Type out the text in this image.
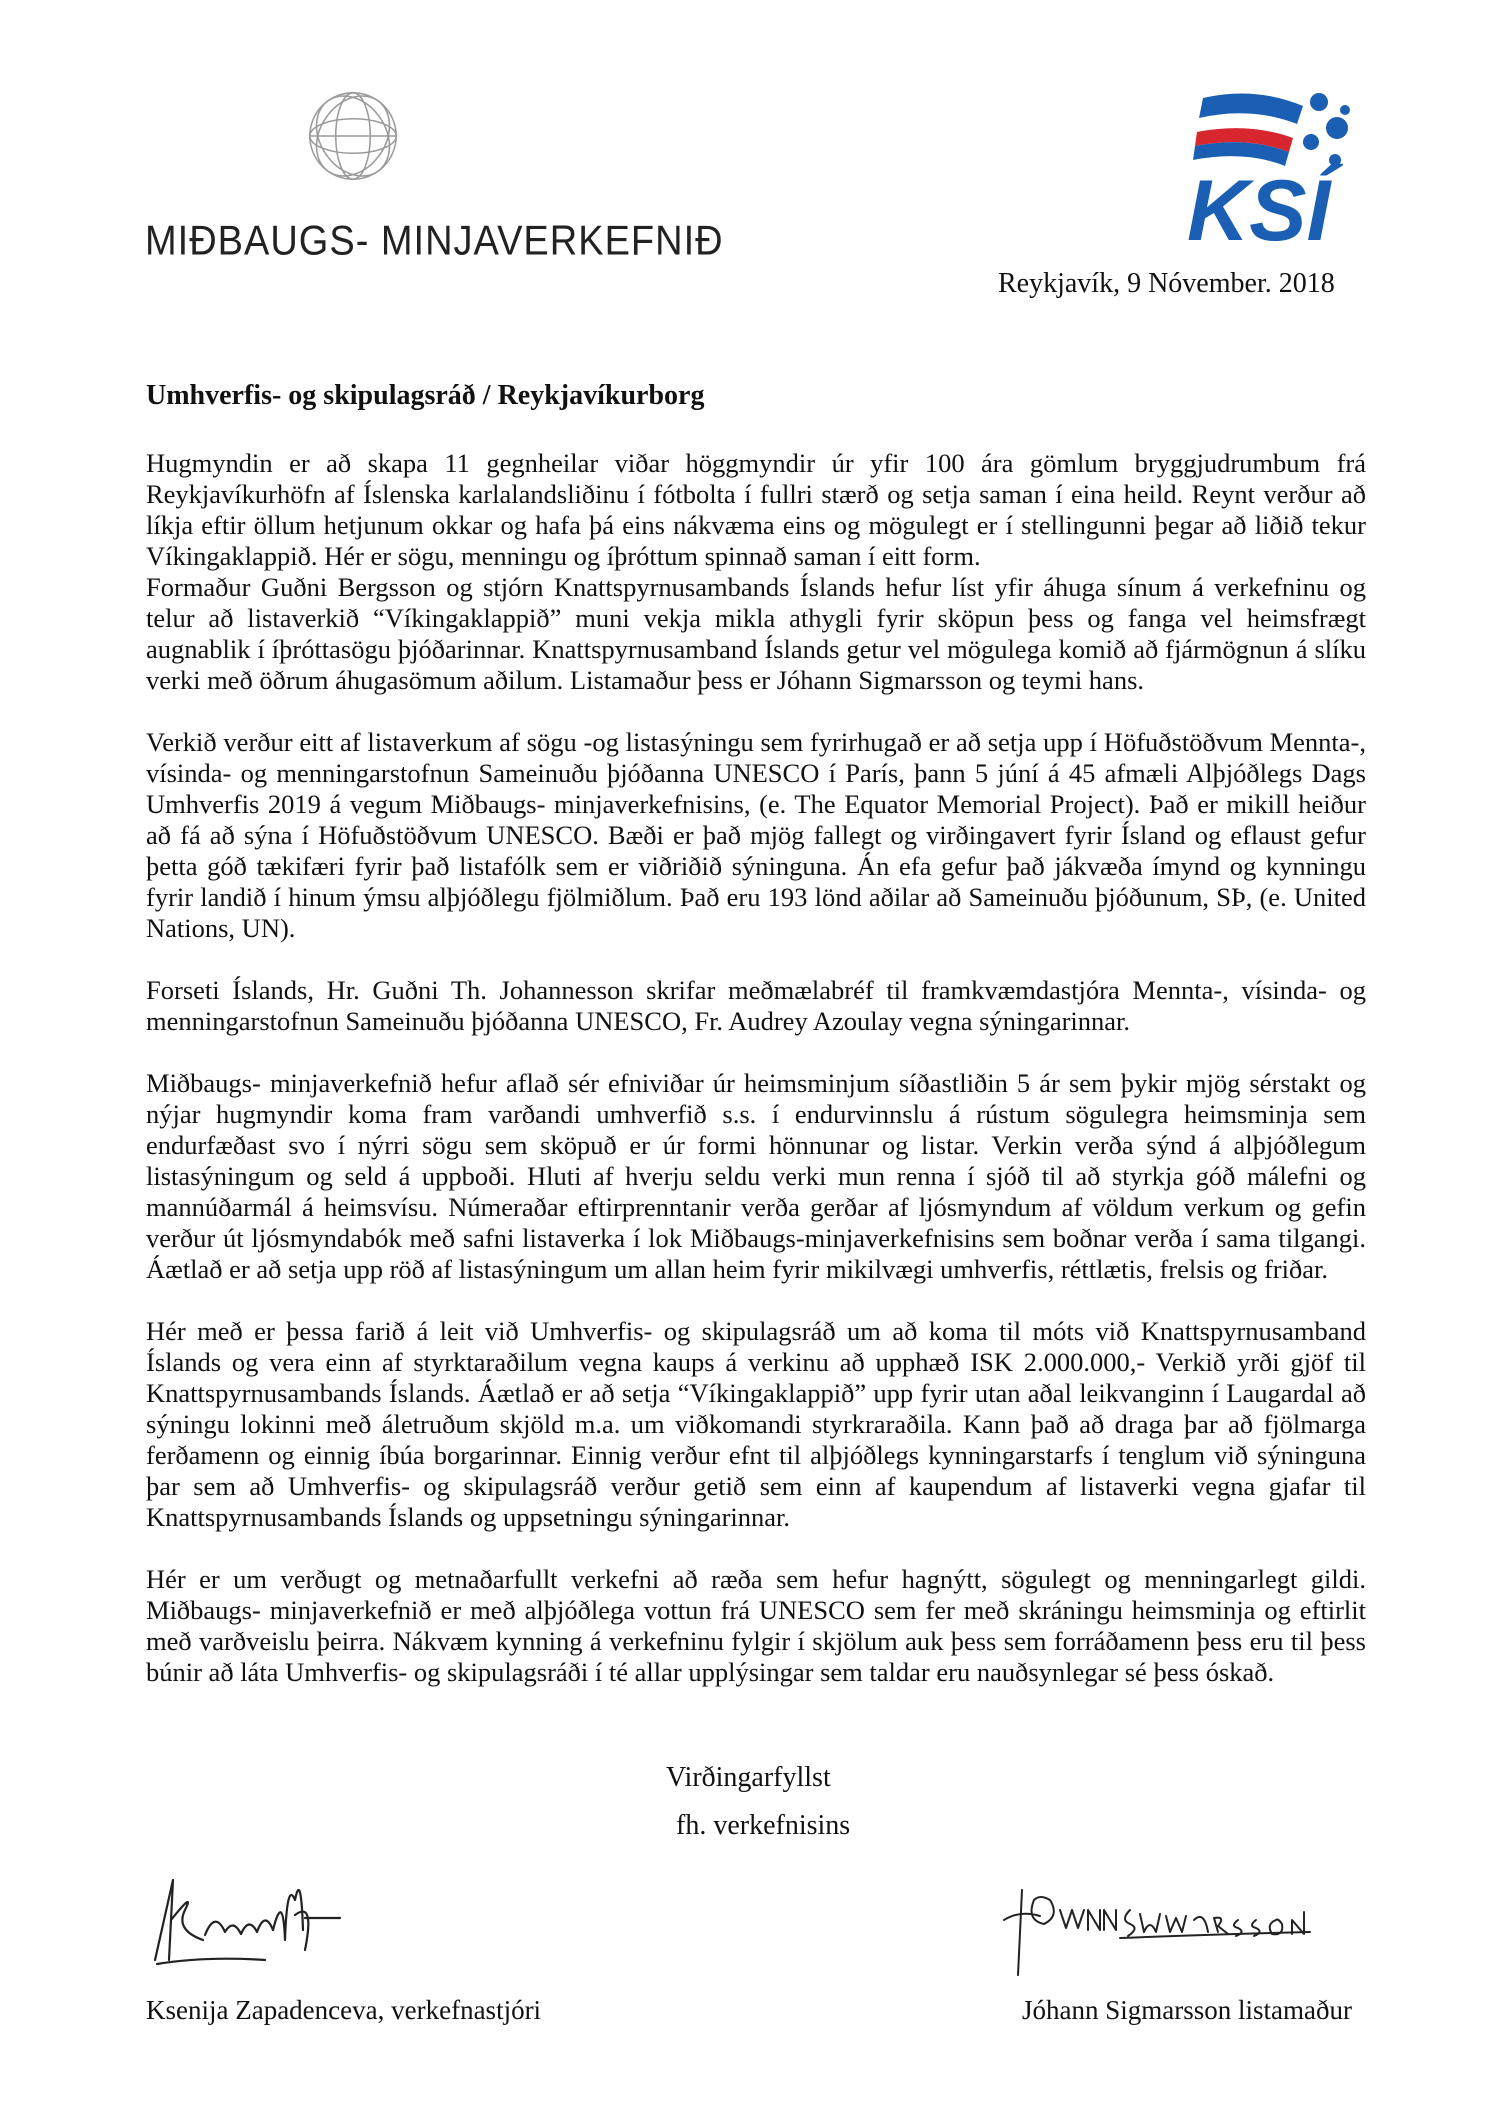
MIÐBAUGS- MINJAVERKEFNIÐ	KSÍ
Reykjavík, 9 Nóvember. 2018
Umhverfis- og skipulagsráð / Reykjavíkurborg

Hugmyndin er að skapa 11 gegnheilar viðar höggmyndir úr yfir 100 ára gömlum bryggjudrumbum frá Reykjavíkurhöfn af Íslenska karlalandsliðinu í fótbolta í fullri stærð og setja saman í eina heild. Reynt verður að líkja eftir öllum hetjunum okkar og hafa þá eins nákvæma eins og mögulegt er í stellingunni þegar að liðið tekur Víkingaklappið. Hér er sögu, menningu og íþróttum spinnað saman í eitt form.

Formaður Guðni Bergsson og stjórn Knattspyrnusambands Íslands hefur líst yfir áhuga sínum á verkefninu og telur að listaverkið “Víkingaklappið” muni vekja mikla athygli fyrir sköpun þess og fanga vel heimsfrægt augnablik í íþróttasögu þjóðarinnar. Knattspyrnusamband Íslands getur vel mögulega komið að fjármögnun á slíku verki með öðrum áhugasömum aðilum. Listamaður þess er Jóhann Sigmarsson og teymi hans.

Verkið verður eitt af listaverkum af sögu -og listasýningu sem fyrirhugað er að setja upp í Höfuðstöðvum Mennta-, vísinda- og menningarstofnun Sameinuðu þjóðanna UNESCO í París, þann 5 júní á 45 afmæli Alþjóðlegs Dags Umhverfis 2019 á vegum Miðbaugs- minjaverkefnisins, (e. The Equator Memorial Project). Það er mikill heiður að fá að sýna í Höfuðstöðvum UNESCO. Bæði er það mjög fallegt og virðingavert fyrir Ísland og eflaust gefur þetta góð tækifæri fyrir það listafólk sem er viðriðið sýninguna. Án efa gefur það jákvæða ímynd og kynningu fyrir landið í hinum ýmsu alþjóðlegu fjölmiðlum. Það eru 193 lönd aðilar að Sameinuðu þjóðunum, SÞ, (e. United Nations, UN).

Forseti Íslands, Hr. Guðni Th. Johannesson skrifar meðmælabréf til framkvæmdastjóra Mennta-, vísinda- og menningarstofnun Sameinuðu þjóðanna UNESCO, Fr. Audrey Azoulay vegna sýningarinnar.

Miðbaugs- minjaverkefnið hefur aflað sér efniviðar úr heimsminjum síðastliðin 5 ár sem þykir mjög sérstakt og nýjar hugmyndir koma fram varðandi umhverfið s.s. í endurvinnslu á rústum sögulegra heimsminja sem endurfæðast svo í nýrri sögu sem sköpuð er úr formi hönnunar og listar. Verkin verða sýnd á alþjóðlegum listasýningum og seld á uppboði. Hluti af hverju seldu verki mun renna í sjóð til að styrkja góð málefni og mannúðarmál á heimsvísu. Númeraðar eftirprenntanir verða gerðar af ljósmyndum af völdum verkum og gefin verður út ljósmyndabók með safni listaverka í lok Miðbaugs-minjaverkefnisins sem boðnar verða í sama tilgangi. Áætlað er að setja upp röð af listasýningum um allan heim fyrir mikilvægi umhverfis, réttlætis, frelsis og friðar.

Hér með er þessa farið á leit við Umhverfis- og skipulagsráð um að koma til móts við Knattspyrnusamband Íslands og vera einn af styrktaraðilum vegna kaups á verkinu að upphæð ISK 2.000.000,- Verkið yrði gjöf til Knattspyrnusambands Íslands. Áætlað er að setja “Víkingaklappið” upp fyrir utan aðal leikvanginn í Laugardal að sýningu lokinni með áletruðum skjöld m.a. um viðkomandi styrkraraðila. Kann það að draga þar að fjölmarga ferðamenn og einnig íbúa borgarinnar. Einnig verður efnt til alþjóðlegs kynningarstarfs í tenglum við sýninguna þar sem að Umhverfis- og skipulagsráð verður getið sem einn af kaupendum af listaverki vegna gjafar til Knattspyrnusambands Íslands og uppsetningu sýningarinnar.

Hér er um verðugt og metnaðarfullt verkefni að ræða sem hefur hagnýtt, sögulegt og menningarlegt gildi. Miðbaugs- minjaverkefnið er með alþjóðlega vottun frá UNESCO sem fer með skráningu heimsminja og eftirlit með varðveislu þeirra. Nákvæm kynning á verkefninu fylgir í skjölum auk þess sem forráðamenn þess eru til þess búnir að láta Umhverfis- og skipulagsráði í té allar upplýsingar sem taldar eru nauðsynlegar sé þess óskað.

Virðingarfyllst
fh. verkefnisins
Ksenija Zapadenceva, verkefnastjóri	Jóhann Sigmarsson listamaður
